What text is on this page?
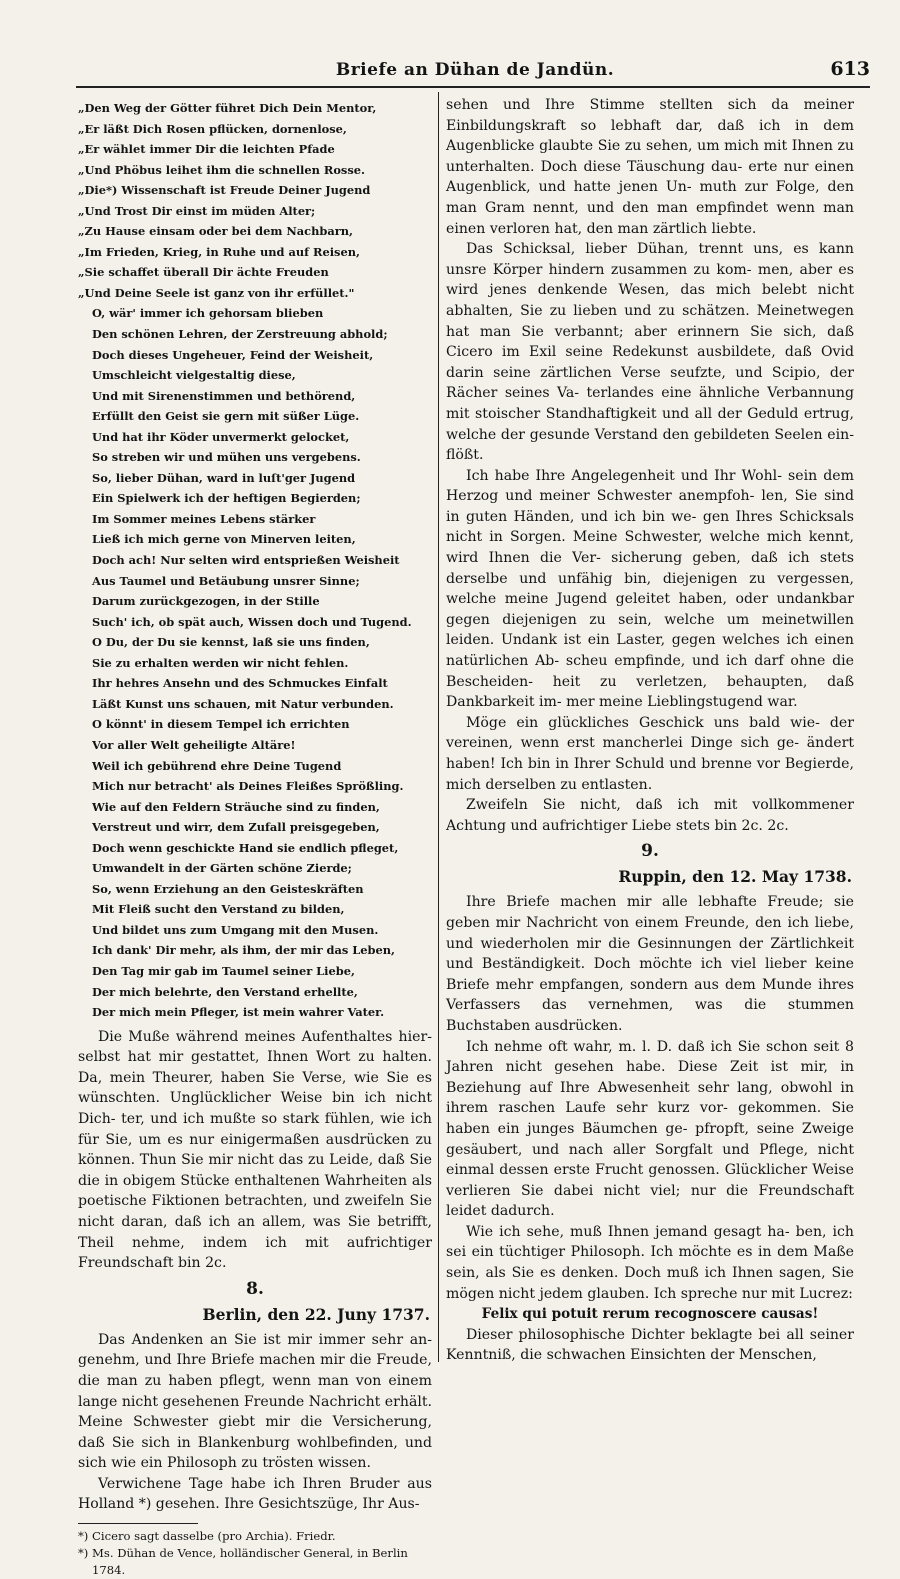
Briefe an Dühan de Jandün.	613
„Den Weg der Götter führet Dich Dein Mentor,
„Er läßt Dich Rosen pflücken, dornenlose,
„Er wählet immer Dir die leichten Pfade
„Und Phöbus leihet ihm die schnellen Rosse.
„Die*) Wissenschaft ist Freude Deiner Jugend
„Und Trost Dir einst im müden Alter;
„Zu Hause einsam oder bei dem Nachbarn,
„Im Frieden, Krieg, in Ruhe und auf Reisen,
„Sie schaffet überall Dir ächte Freuden
„Und Deine Seele ist ganz von ihr erfüllet."
O, wär' immer ich gehorsam blieben
Den schönen Lehren, der Zerstreuung abhold;
Doch dieses Ungeheuer, Feind der Weisheit,
Umschleicht vielgestaltig diese,
Und mit Sirenenstimmen und bethörend,
Erfüllt den Geist sie gern mit süßer Lüge.
Und hat ihr Köder unvermerkt gelocket,
So streben wir und mühen uns vergebens.
So, lieber Dühan, ward in luſt'ger Jugend
Ein Spielwerk ich der heftigen Begierden;
Im Sommer meines Lebens stärker
Ließ ich mich gerne von Minerven leiten,
Doch ach! Nur selten wird entsprießen Weisheit
Aus Taumel und Betäubung unsrer Sinne;
Darum zurückgezogen, in der Stille
Such' ich, ob spät auch, Wissen doch und Tugend.
O Du, der Du sie kennst, laß sie uns finden,
Sie zu erhalten werden wir nicht fehlen.
Ihr hehres Ansehn und des Schmuckes Einfalt
Läßt Kunst uns schauen, mit Natur verbunden.
O könnt' in diesem Tempel ich errichten
Vor aller Welt geheiligte Altäre!
Weil ich gebührend ehre Deine Tugend
Mich nur betracht' als Deines Fleißes Sprößling.
Wie auf den Feldern Sträuche sind zu finden,
Verstreut und wirr, dem Zufall preisgegeben,
Doch wenn geschickte Hand sie endlich pfleget,
Umwandelt in der Gärten schöne Zierde;
So, wenn Erziehung an den Geisteskräften
Mit Fleiß sucht den Verstand zu bilden,
Und bildet uns zum Umgang mit den Musen.
Ich dank' Dir mehr, als ihm, der mir das Leben,
Den Tag mir gab im Taumel seiner Liebe,
Der mich belehrte, den Verstand erhellte,
Der mich mein Pfleger, ist mein wahrer Vater.

Die Muße während meines Aufenthaltes hier- selbst hat mir gestattet, Ihnen Wort zu halten. Da, mein Theurer, haben Sie Verse, wie Sie es wünschten. Unglücklicher Weise bin ich nicht Dich- ter, und ich mußte so stark fühlen, wie ich für Sie, um es nur einigermaßen ausdrücken zu können. Thun Sie mir nicht das zu Leide, daß Sie die in obigem Stücke enthaltenen Wahrheiten als poetische Fiktionen betrachten, und zweifeln Sie nicht daran, daß ich an allem, was Sie betrifft, Theil nehme, indem ich mit aufrichtiger Freundschaft bin 2c.

8.
Berlin, den 22. Juny 1737.

Das Andenken an Sie ist mir immer sehr an- genehm, und Ihre Briefe machen mir die Freude, die man zu haben pflegt, wenn man von einem lange nicht gesehenen Freunde Nachricht erhält. Meine Schwester giebt mir die Versicherung, daß Sie sich in Blankenburg wohlbefinden, und sich wie ein Philosoph zu trösten wissen.

Verwichene Tage habe ich Ihren Bruder aus Holland *) gesehen. Ihre Gesichtszüge, Ihr Aus-

*) Cicero sagt dasselbe (pro Archia). Friedr.

*) Ms. Dühan de Vence, holländischer General, in Berlin 1784.

sehen und Ihre Stimme stellten sich da meiner Einbildungskraft so lebhaft dar, daß ich in dem Augenblicke glaubte Sie zu sehen, um mich mit Ihnen zu unterhalten. Doch diese Täuschung dau- erte nur einen Augenblick, und hatte jenen Un- muth zur Folge, den man Gram nennt, und den man empfindet wenn man einen verloren hat, den man zärtlich liebte.

Das Schicksal, lieber Dühan, trennt uns, es kann unsre Körper hindern zusammen zu kom- men, aber es wird jenes denkende Wesen, das mich belebt nicht abhalten, Sie zu lieben und zu schätzen. Meinetwegen hat man Sie verbannt; aber erinnern Sie sich, daß Cicero im Exil seine Redekunst ausbildete, daß Ovid darin seine zärtlichen Verse seufzte, und Scipio, der Rächer seines Va- terlandes eine ähnliche Verbannung mit stoischer Standhaftigkeit und all der Geduld ertrug, welche der gesunde Verstand den gebildeten Seelen ein- flößt.

Ich habe Ihre Angelegenheit und Ihr Wohl- sein dem Herzog und meiner Schwester anempfoh- len, Sie sind in guten Händen, und ich bin we- gen Ihres Schicksals nicht in Sorgen. Meine Schwester, welche mich kennt, wird Ihnen die Ver- sicherung geben, daß ich stets derselbe und unfähig bin, diejenigen zu vergessen, welche meine Jugend geleitet haben, oder undankbar gegen diejenigen zu sein, welche um meinetwillen leiden. Undank ist ein Laster, gegen welches ich einen natürlichen Ab- scheu empfinde, und ich darf ohne die Bescheiden- heit zu verletzen, behaupten, daß Dankbarkeit im- mer meine Lieblingstugend war.

Möge ein glückliches Geschick uns bald wie- der vereinen, wenn erst mancherlei Dinge sich ge- ändert haben! Ich bin in Ihrer Schuld und brenne vor Begierde, mich derselben zu entlasten.

Zweifeln Sie nicht, daß ich mit vollkommener Achtung und aufrichtiger Liebe stets bin 2c. 2c.

9.
Ruppin, den 12. May 1738.

Ihre Briefe machen mir alle lebhafte Freude; sie geben mir Nachricht von einem Freunde, den ich liebe, und wiederholen mir die Gesinnungen der Zärtlichkeit und Beständigkeit. Doch möchte ich viel lieber keine Briefe mehr empfangen, sondern aus dem Munde ihres Verfassers das vernehmen, was die stummen Buchstaben ausdrücken.

Ich nehme oft wahr, m. l. D. daß ich Sie schon seit 8 Jahren nicht gesehen habe. Diese Zeit ist mir, in Beziehung auf Ihre Abwesenheit sehr lang, obwohl in ihrem raschen Laufe sehr kurz vor- gekommen. Sie haben ein junges Bäumchen ge- pfropft, seine Zweige gesäubert, und nach aller Sorgfalt und Pflege, nicht einmal dessen erste Frucht genossen. Glücklicher Weise verlieren Sie dabei nicht viel; nur die Freundschaft leidet dadurch.

Wie ich sehe, muß Ihnen jemand gesagt ha- ben, ich sei ein tüchtiger Philosoph. Ich möchte es in dem Maße sein, als Sie es denken. Doch muß ich Ihnen sagen, Sie mögen nicht jedem glauben. Ich spreche nur mit Lucrez:

Felix qui potuit rerum recognoscere causas!

Dieser philosophische Dichter beklagte bei all seiner Kenntniß, die schwachen Einsichten der Menschen,
